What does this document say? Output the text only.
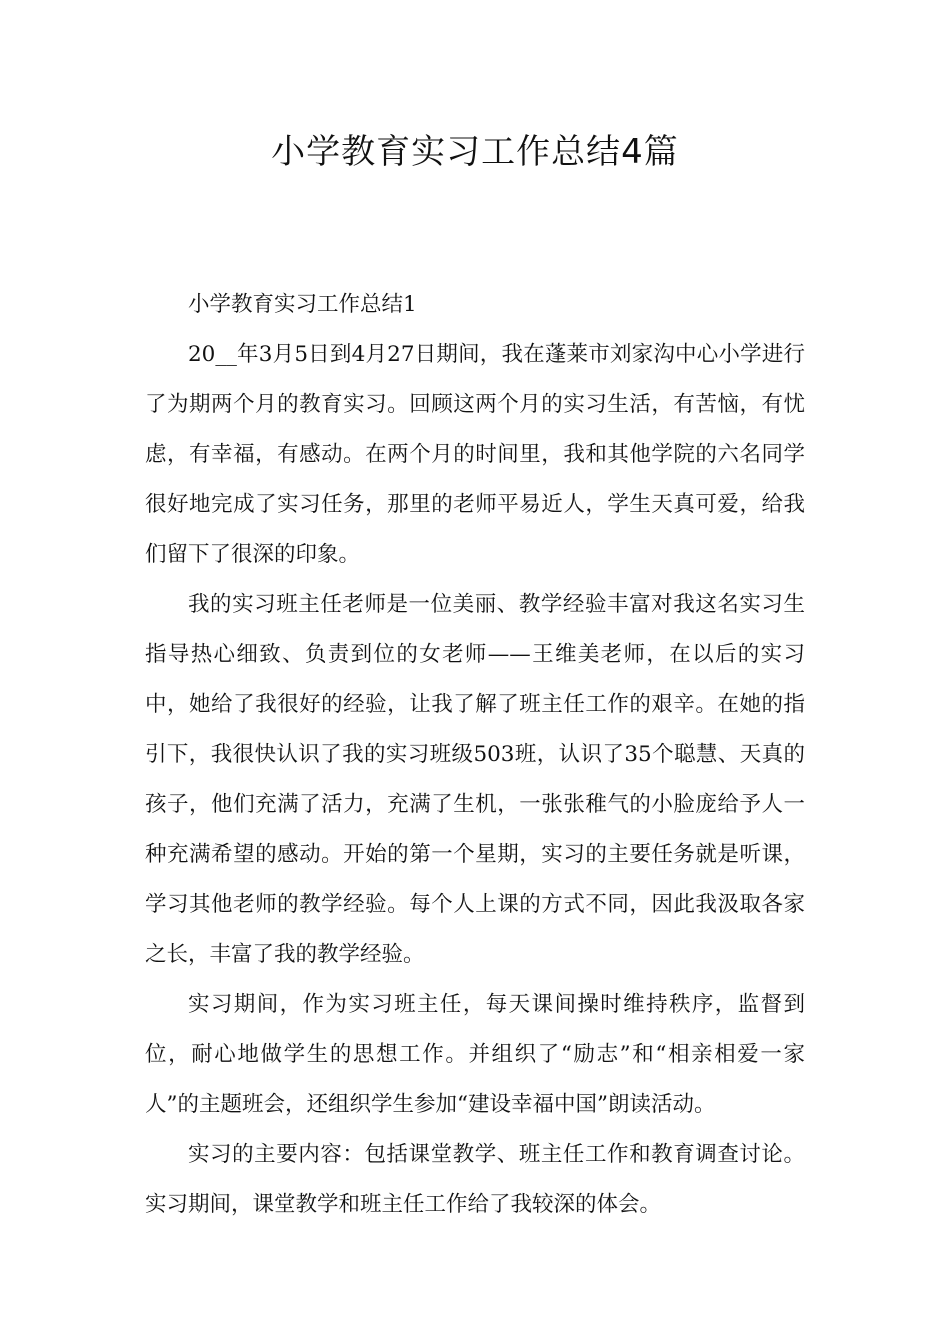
小学教育实习工作总结4篇

小学教育实习工作总结1

20__年3月5日到4月27日期间，我在蓬莱市刘家沟中心小学进行了为期两个月的教育实习。回顾这两个月的实习生活，有苦恼，有忧虑，有幸福，有感动。在两个月的时间里，我和其他学院的六名同学很好地完成了实习任务，那里的老师平易近人，学生天真可爱，给我们留下了很深的印象。

我的实习班主任老师是一位美丽、教学经验丰富对我这名实习生指导热心细致、负责到位的女老师——王维美老师，在以后的实习中，她给了我很好的经验，让我了解了班主任工作的艰辛。在她的指引下，我很快认识了我的实习班级503班，认识了35个聪慧、天真的孩子，他们充满了活力，充满了生机，一张张稚气的小脸庞给予人一种充满希望的感动。开始的第一个星期，实习的主要任务就是听课，学习其他老师的教学经验。每个人上课的方式不同，因此我汲取各家之长，丰富了我的教学经验。

实习期间，作为实习班主任，每天课间操时维持秩序，监督到位，耐心地做学生的思想工作。并组织了“励志”和“相亲相爱一家人”的主题班会，还组织学生参加“建设幸福中国”朗读活动。

实习的主要内容：包括课堂教学、班主任工作和教育调查讨论。实习期间，课堂教学和班主任工作给了我较深的体会。
